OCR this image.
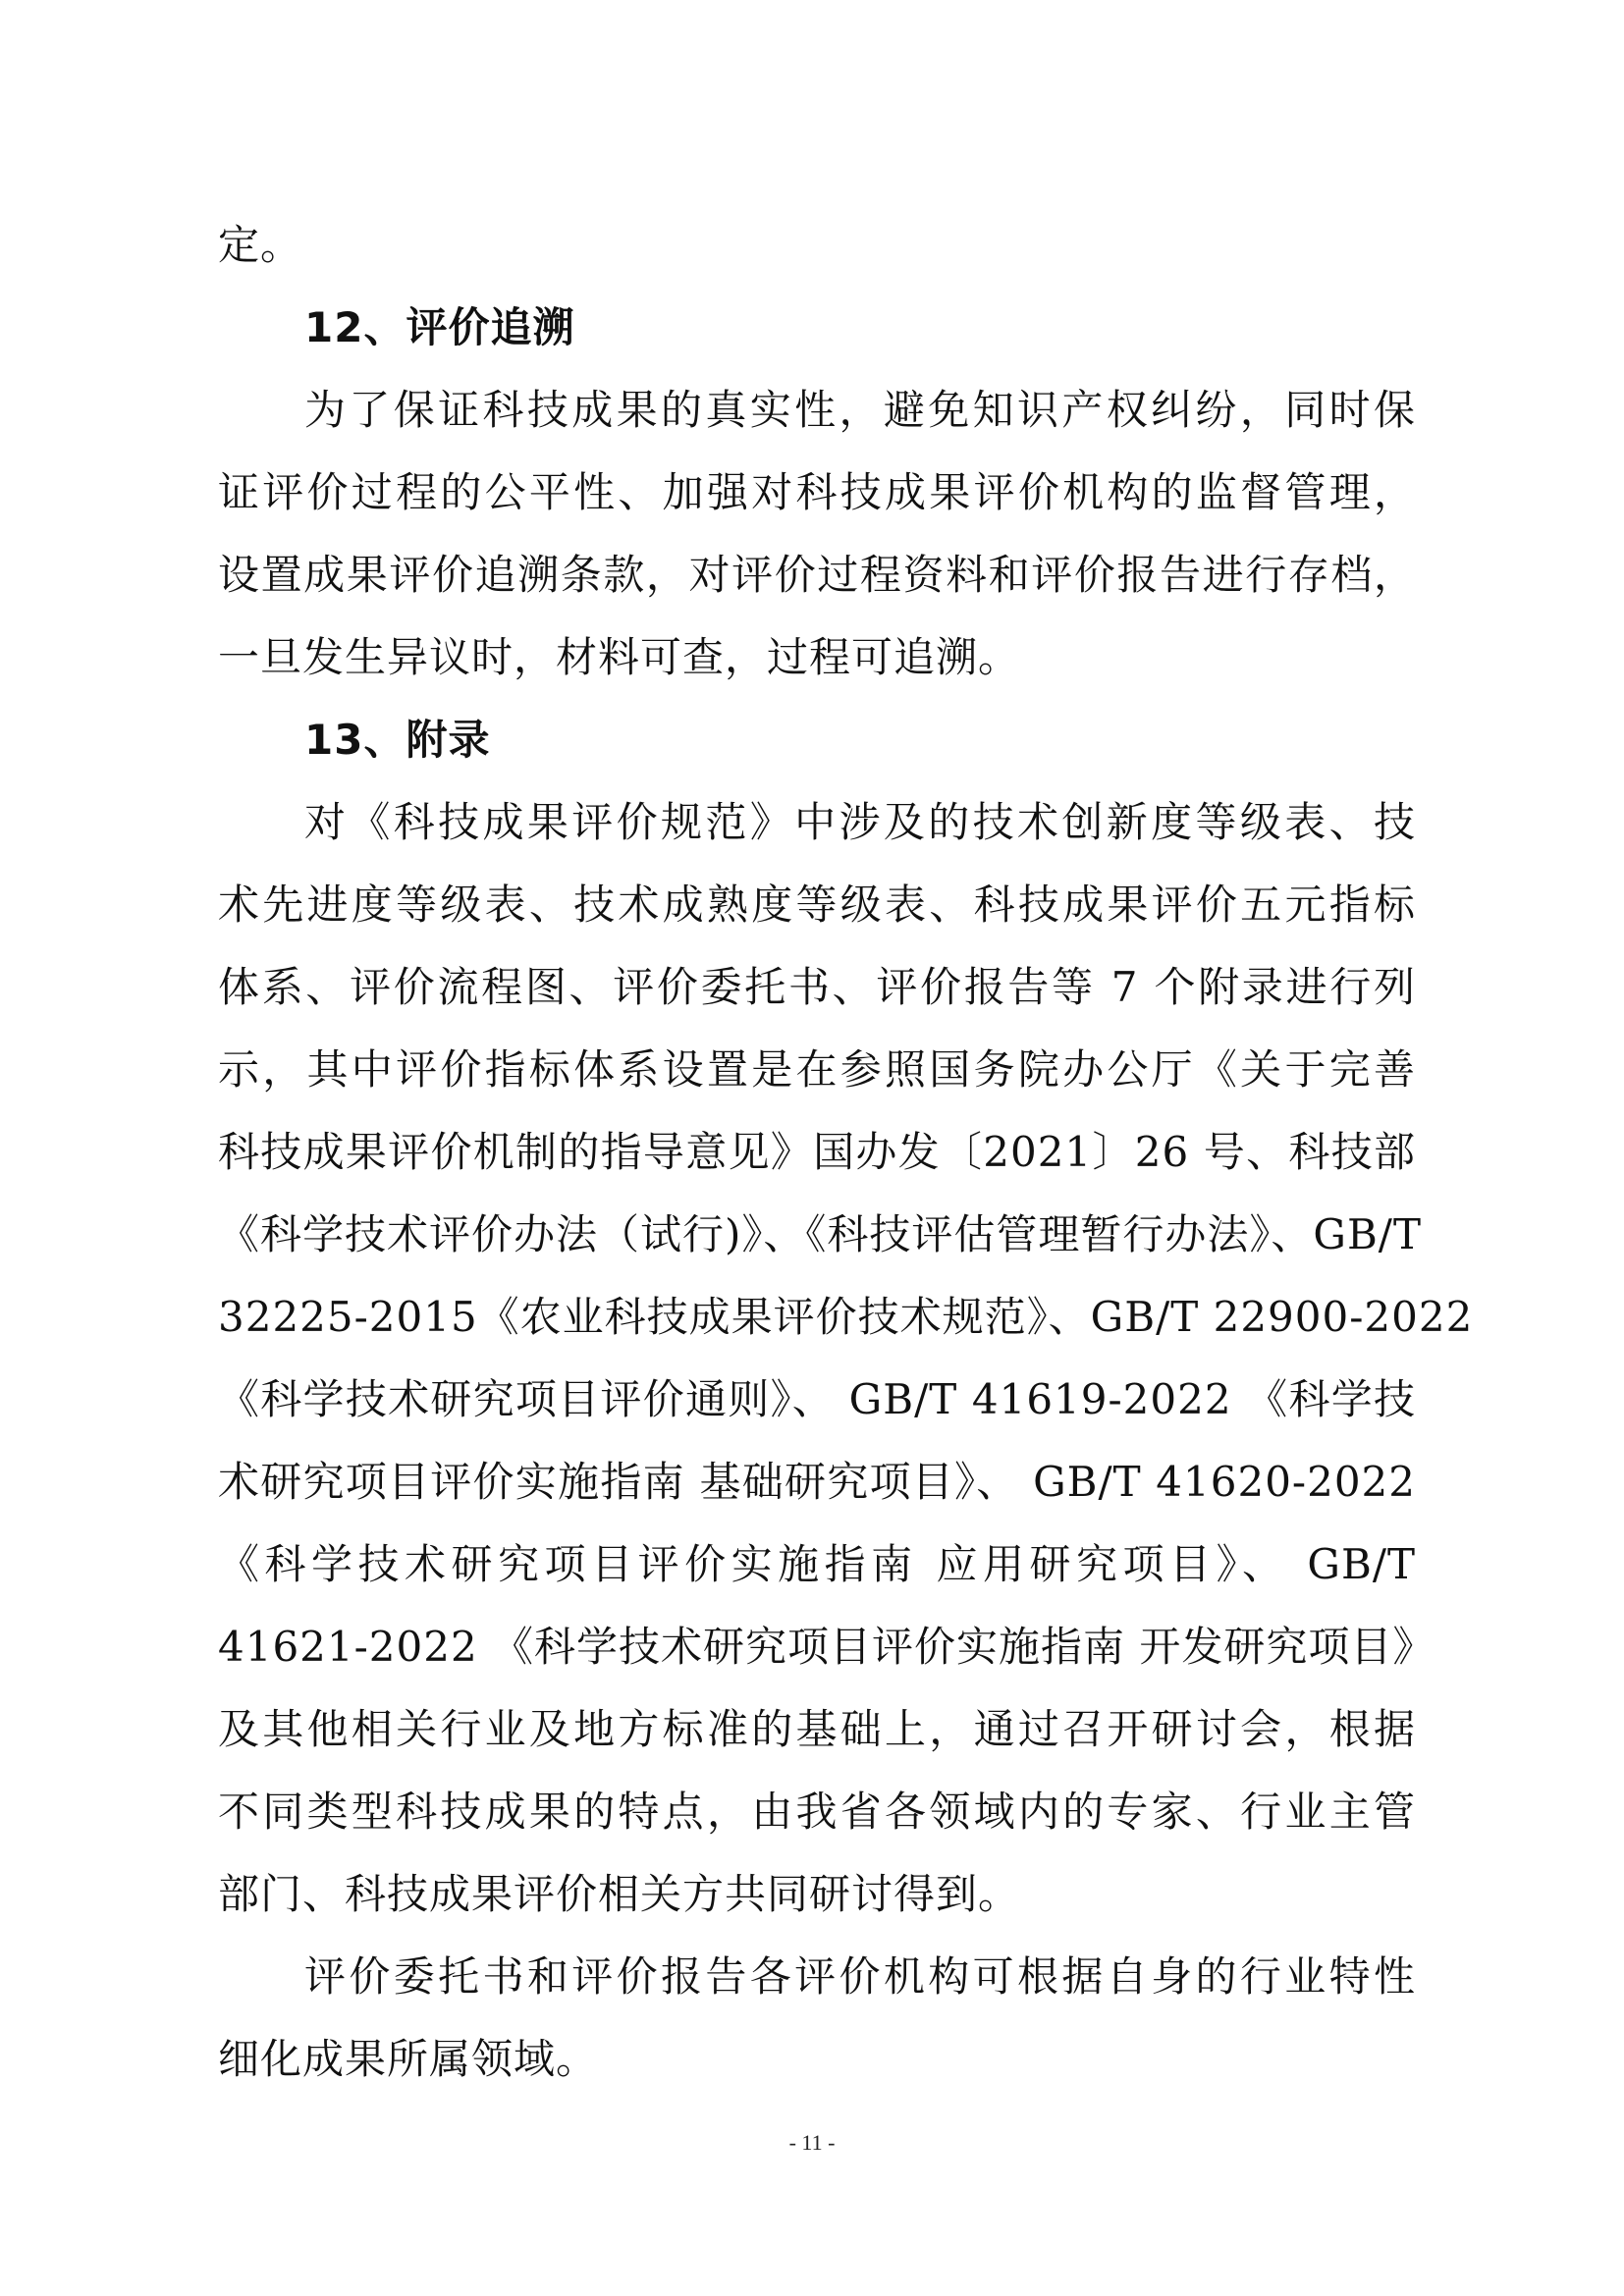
定。
12、评价追溯
为了保证科技成果的真实性，避免知识产权纠纷，同时保
证评价过程的公平性、加强对科技成果评价机构的监督管理，
设置成果评价追溯条款，对评价过程资料和评价报告进行存档，
一旦发生异议时，材料可查，过程可追溯。
13、附录
对《科技成果评价规范》中涉及的技术创新度等级表、技
术先进度等级表、技术成熟度等级表、科技成果评价五元指标
体系、评价流程图、评价委托书、评价报告等 7 个附录进行列
示，其中评价指标体系设置是在参照国务院办公厅《关于完善
科技成果评价机制的指导意见》国办发〔2021〕26 号、科技部
《科学技术评价办法（试行)》、《科技评估管理暂行办法》、GB/T
32225-2015《农业科技成果评价技术规范》、GB/T 22900-2022
《科学技术研究项目评价通则》、 GB/T 41619-2022 《科学技
术研究项目评价实施指南 基础研究项目》、 GB/T 41620-2022
《科学技术研究项目评价实施指南 应用研究项目》、 GB/T
41621-2022 《科学技术研究项目评价实施指南 开发研究项目》
及其他相关行业及地方标准的基础上，通过召开研讨会，根据
不同类型科技成果的特点，由我省各领域内的专家、行业主管
部门、科技成果评价相关方共同研讨得到。
评价委托书和评价报告各评价机构可根据自身的行业特性
细化成果所属领域。
- 11 -
